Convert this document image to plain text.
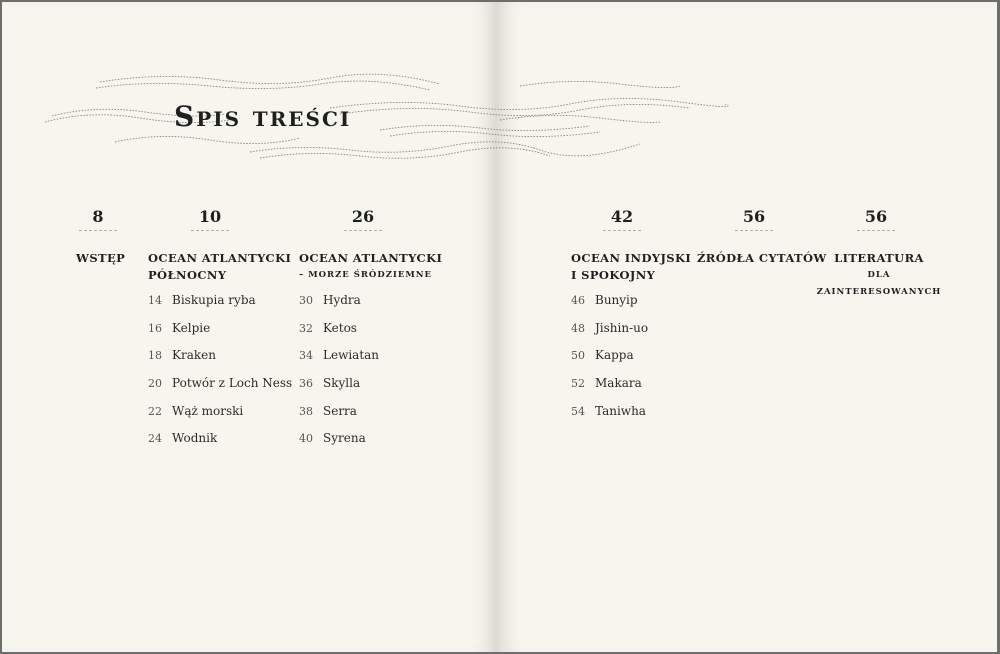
Spis treści
8
WSTĘP
10
OCEAN ATLANTYCKI
PÓŁNOCNY
14 Biskupia ryba
16 Kelpie
18 Kraken
20 Potwór z Loch Ness
22 Wąż morski
24 Wodnik
26
OCEAN ATLANTYCKI
– MORZE ŚRÓDZIEMNE
30 Hydra
32 Ketos
34 Lewiatan
36 Skylla
38 Serra
40 Syrena
42
OCEAN INDYJSKI
I SPOKOJNY
46 Bunyip
48 Jishin-uo
50 Kappa
52 Makara
54 Taniwha
56
ŹRÓDŁA CYTATÓW
56
LITERATURA
DLA
ZAINTERESOWANYCH
